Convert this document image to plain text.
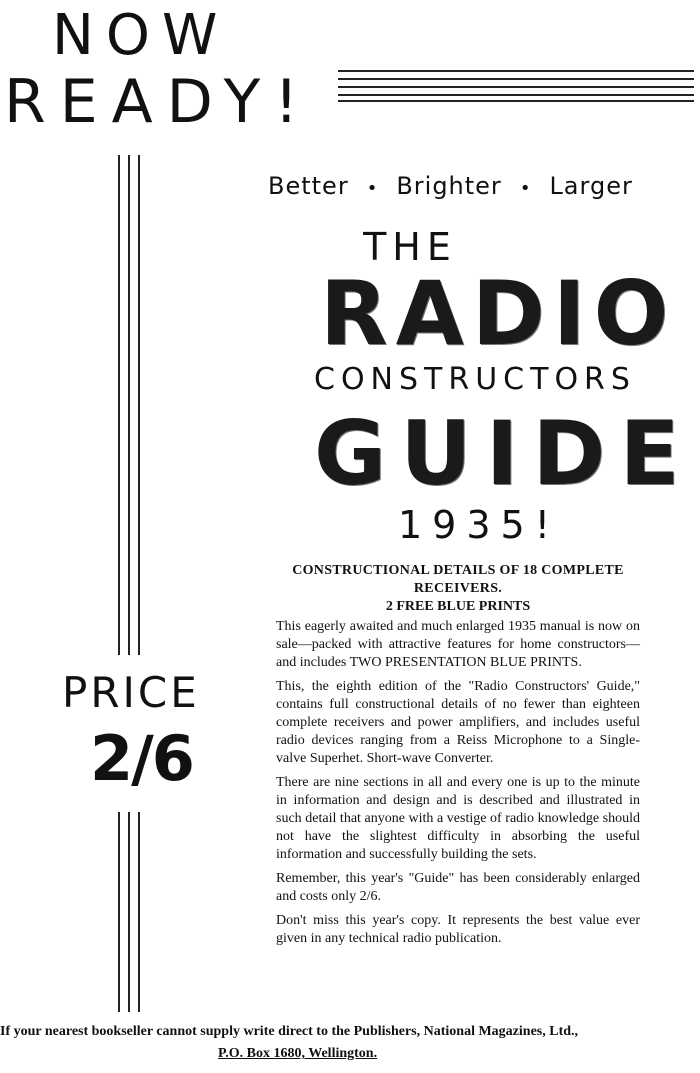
NOW
READY!
Better • Brighter • Larger
THE
RADIO
CONSTRUCTORS
GUIDE
1935!
CONSTRUCTIONAL DETAILS OF 18 COMPLETE RECEIVERS.
2 FREE BLUE PRINTS

This eagerly awaited and much enlarged 1935 manual is now on sale—packed with attractive features for home constructors—and includes TWO PRESENTATION BLUE PRINTS.

This, the eighth edition of the "Radio Constructors' Guide," contains full constructional details of no fewer than eighteen complete receivers and power amplifiers, and includes useful radio devices ranging from a Reiss Microphone to a Single-valve Superhet. Short-wave Converter.

There are nine sections in all and every one is up to the minute in information and design and is described and illustrated in such detail that anyone with a vestige of radio knowledge should not have the slightest difficulty in absorbing the useful information and successfully building the sets.

Remember, this year's "Guide" has been considerably enlarged and costs only 2/6.

Don't miss this year's copy. It represents the best value ever given in any technical radio publication.

PRICE
2/6
If your nearest bookseller cannot supply write direct to the Publishers, National Magazines, Ltd.,
P.O. Box 1680, Wellington.
